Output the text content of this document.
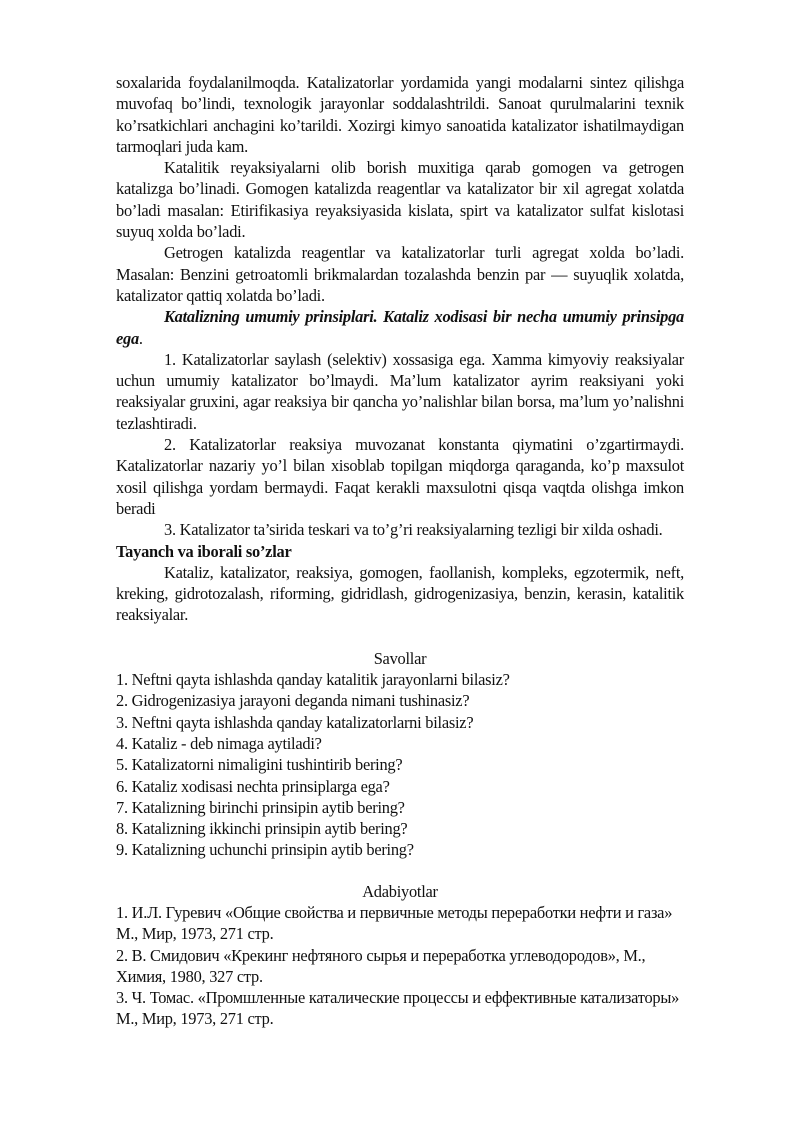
soxalarida foydalanilmoqda. Katalizatorlar yordamida yangi modalarni sintez qilishga muvofaq bo’lindi, texnologik jarayonlar soddalashtrildi. Sanoat qurulmalarini texnik ko’rsatkichlari anchagini ko’tarildi. Xozirgi kimyo sanoatida katalizator ishatilmaydigan tarmoqlari juda kam.

Katalitik reyaksiyalarni olib borish muxitiga qarab gomogen va getrogen katalizga bo’linadi. Gomogen katalizda reagentlar va katalizator bir xil agregat xolatda bo’ladi masalan: Etirifikasiya reyaksiyasida kislata, spirt va katalizator sulfat kislotasi suyuq xolda bo’ladi.

Getrogen katalizda reagentlar va katalizatorlar turli agregat xolda bo’ladi. Masalan: Benzini getroatomli brikmalardan tozalashda benzin par — suyuqlik xolatda, katalizator qattiq xolatda bo’ladi.

Katalizning umumiy prinsiplari. Kataliz xodisasi bir necha umumiy prinsipga ega.

1. Katalizatorlar saylash (selektiv) xossasiga ega. Xamma kimyoviy reaksiyalar uchun umumiy katalizator bo’lmaydi. Ma’lum katalizator ayrim reaksiyani yoki reaksiyalar gruxini, agar reaksiya bir qancha yo’nalishlar bilan borsa, ma’lum yo’nalishni tezlashtiradi.

2. Katalizatorlar reaksiya muvozanat konstanta qiymatini o’zgartirmaydi. Katalizatorlar nazariy yo’l bilan xisoblab topilgan miqdorga qaraganda, ko’p maxsulot xosil qilishga yordam bermaydi. Faqat kerakli maxsulotni qisqa vaqtda olishga imkon beradi

3. Katalizator ta’sirida teskari va to’g’ri reaksiyalarning tezligi bir xilda oshadi.

Tayanch va iborali so’zlar

Kataliz, katalizator, reaksiya, gomogen, faollanish, kompleks, egzotermik, neft, kreking, gidrotozalash, riforming, gidridlash, gidrogenizasiya, benzin, kerasin, katalitik reaksiyalar.

Savollar

1. Neftni qayta ishlashda qanday katalitik jarayonlarni bilasiz?
2. Gidrogenizasiya jarayoni deganda nimani tushinasiz?
3. Neftni qayta ishlashda qanday katalizatorlarni bilasiz?
4. Kataliz - deb nimaga aytiladi?
5. Katalizatorni nimaligini tushintirib bering?
6. Kataliz xodisasi nechta prinsiplarga ega?
7. Katalizning birinchi prinsipin aytib bering?
8. Katalizning ikkinchi prinsipin aytib bering?
9. Katalizning uchunchi prinsipin aytib bering?

Adabiyotlar

1. И.Л. Гуревич «Общие свойства и первичные методы переработки нефти и газа» М., Мир, 1973, 271 стр.

2. В. Смидович «Крекинг нефтяного сырья и переработка углеводородов», М., Химия, 1980, 327 стр.

3. Ч. Томас. «Промшленные каталические процессы и еффективные катализаторы» М., Мир, 1973, 271 стр.
